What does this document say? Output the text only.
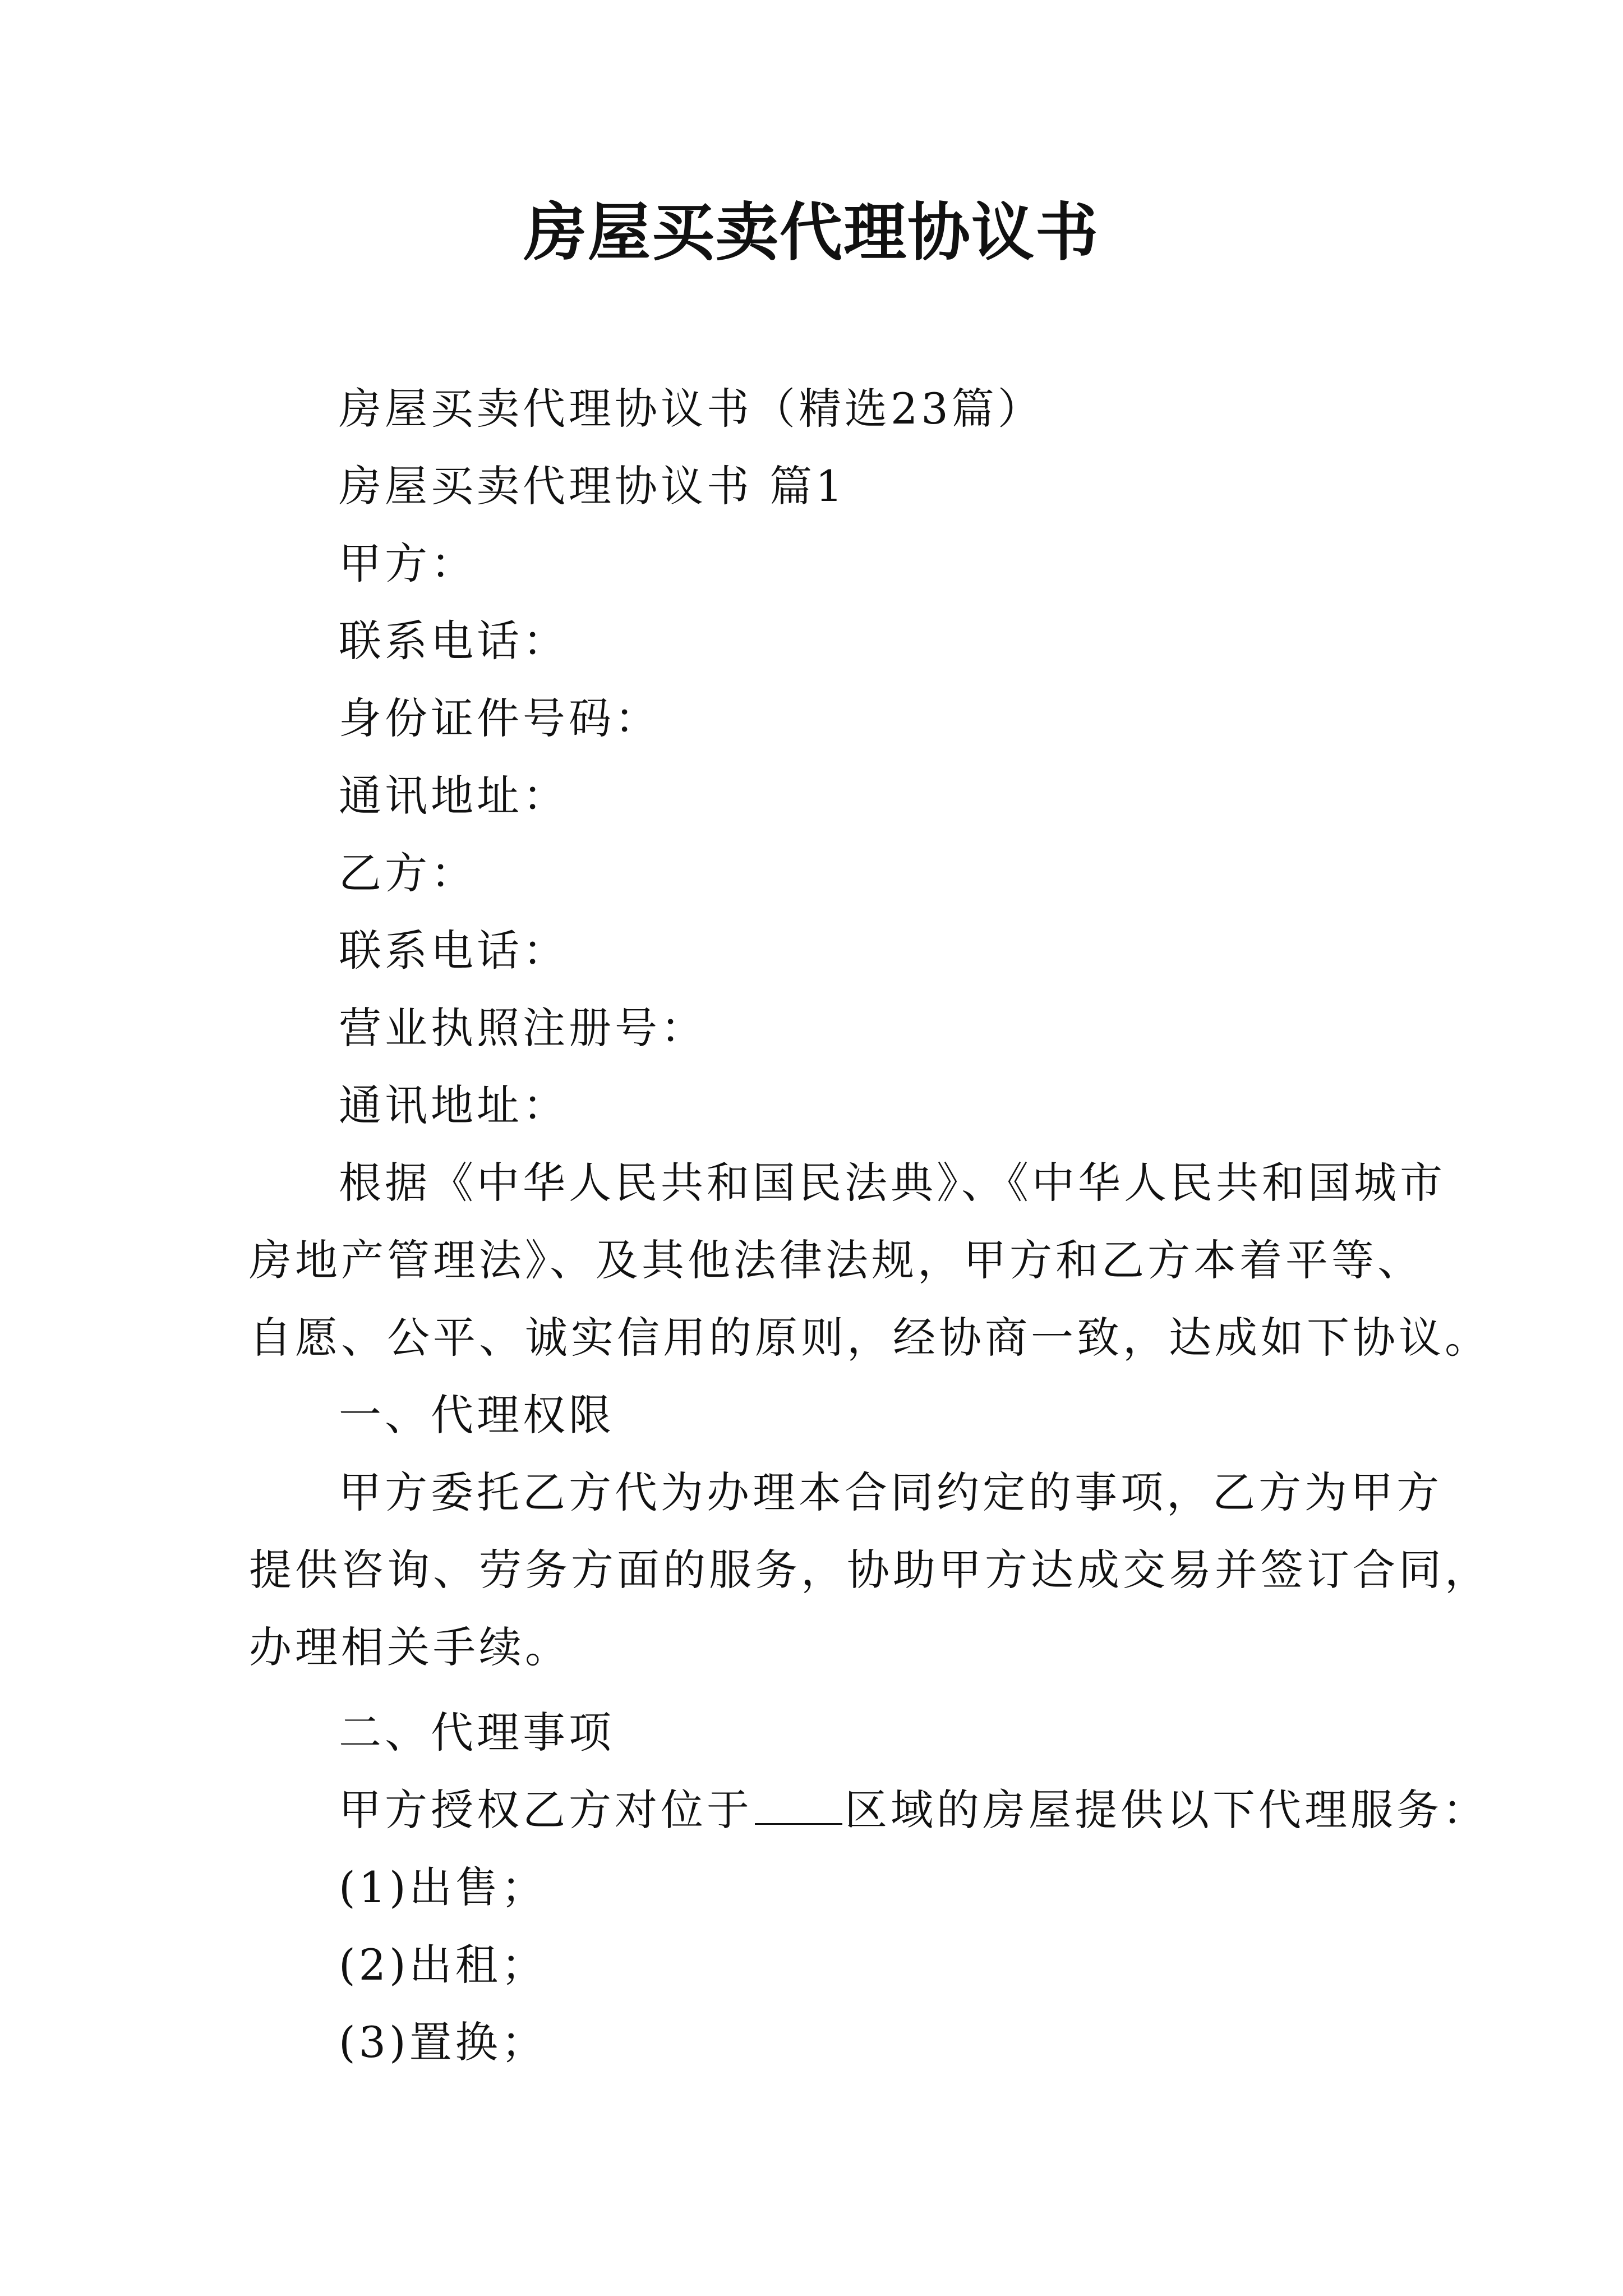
房屋买卖代理协议书
房屋买卖代理协议书（精选23篇）
房屋买卖代理协议书 篇1
甲方：
联系电话：
身份证件号码：
通讯地址：
乙方：
联系电话：
营业执照注册号：
通讯地址：
根据《中华人民共和国民法典》、《中华人民共和国城市
房地产管理法》、及其他法律法规，甲方和乙方本着平等、
自愿、公平、诚实信用的原则，经协商一致，达成如下协议。
一、代理权限
甲方委托乙方代为办理本合同约定的事项，乙方为甲方
提供咨询、劳务方面的服务，协助甲方达成交易并签订合同，
办理相关手续。
二、代理事项
甲方授权乙方对位于 区域的房屋提供以下代理服务：
(1)出售；
(2)出租；
(3)置换；
